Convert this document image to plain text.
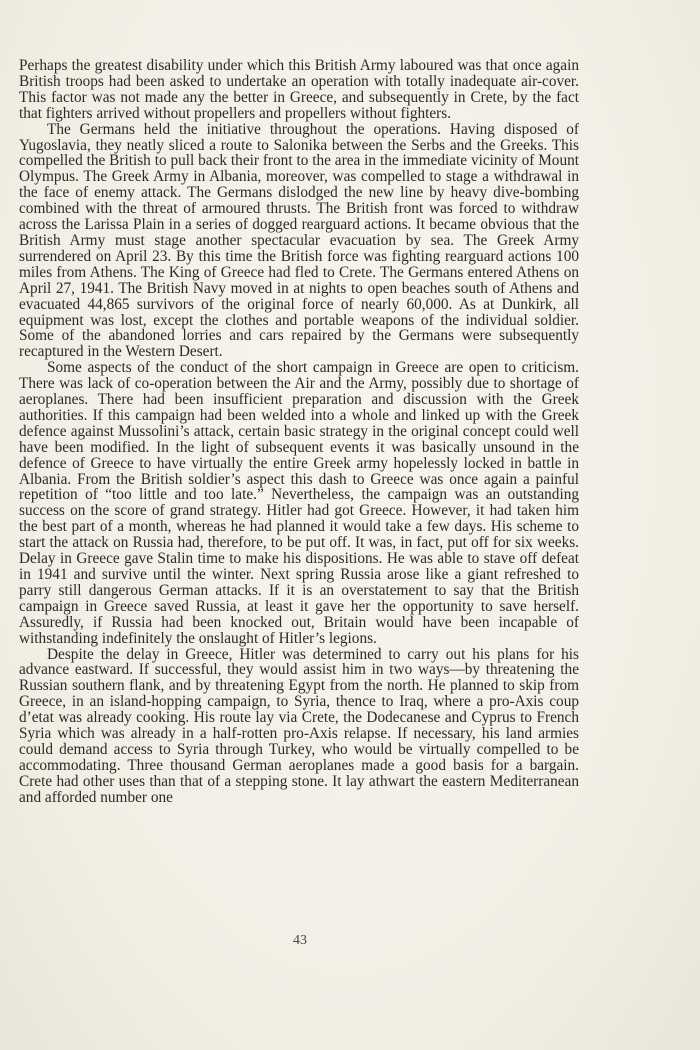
Perhaps the greatest disability under which this British Army laboured was that once again British troops had been asked to undertake an operation with totally inadequate air-cover. This factor was not made any the better in Greece, and subsequently in Crete, by the fact that fighters arrived without propellers and propellers without fighters.

The Germans held the initiative throughout the operations. Having disposed of Yugoslavia, they neatly sliced a route to Salonika between the Serbs and the Greeks. This compelled the British to pull back their front to the area in the immediate vicinity of Mount Olympus. The Greek Army in Albania, moreover, was compelled to stage a withdrawal in the face of enemy attack. The Germans dislodged the new line by heavy dive-bombing combined with the threat of armoured thrusts. The British front was forced to withdraw across the Larissa Plain in a series of dogged rearguard actions. It became obvious that the British Army must stage another spectacular evacuation by sea. The Greek Army surrendered on April 23. By this time the British force was fighting rearguard actions 100 miles from Athens. The King of Greece had fled to Crete. The Germans entered Athens on April 27, 1941. The British Navy moved in at nights to open beaches south of Athens and evacuated 44,865 survivors of the original force of nearly 60,000. As at Dunkirk, all equipment was lost, except the clothes and portable weapons of the individual soldier. Some of the abandoned lorries and cars repaired by the Germans were subsequently recaptured in the Western Desert.

Some aspects of the conduct of the short campaign in Greece are open to criticism. There was lack of co-operation between the Air and the Army, possibly due to shortage of aeroplanes. There had been insufficient preparation and discussion with the Greek authorities. If this campaign had been welded into a whole and linked up with the Greek defence against Mussolini’s attack, certain basic strategy in the original concept could well have been modified. In the light of subsequent events it was basically unsound in the defence of Greece to have virtually the entire Greek army hopelessly locked in battle in Albania. From the British soldier’s aspect this dash to Greece was once again a painful repetition of “too little and too late.” Nevertheless, the campaign was an outstanding success on the score of grand strategy. Hitler had got Greece. However, it had taken him the best part of a month, whereas he had planned it would take a few days. His scheme to start the attack on Russia had, therefore, to be put off. It was, in fact, put off for six weeks. Delay in Greece gave Stalin time to make his dispositions. He was able to stave off defeat in 1941 and survive until the winter. Next spring Russia arose like a giant refreshed to parry still dangerous German attacks. If it is an overstatement to say that the British campaign in Greece saved Russia, at least it gave her the opportunity to save herself. Assuredly, if Russia had been knocked out, Britain would have been incapable of withstanding indefinitely the onslaught of Hitler’s legions.

Despite the delay in Greece, Hitler was determined to carry out his plans for his advance eastward. If successful, they would assist him in two ways—by threatening the Russian southern flank, and by threatening Egypt from the north. He planned to skip from Greece, in an island-hopping campaign, to Syria, thence to Iraq, where a pro-Axis coup d’etat was already cooking. His route lay via Crete, the Dodecanese and Cyprus to French Syria which was already in a half-rotten pro-Axis relapse. If necessary, his land armies could demand access to Syria through Turkey, who would be virtually compelled to be accommodating. Three thousand German aeroplanes made a good basis for a bargain. Crete had other uses than that of a stepping stone. It lay athwart the eastern Mediterranean and afforded number one

43
